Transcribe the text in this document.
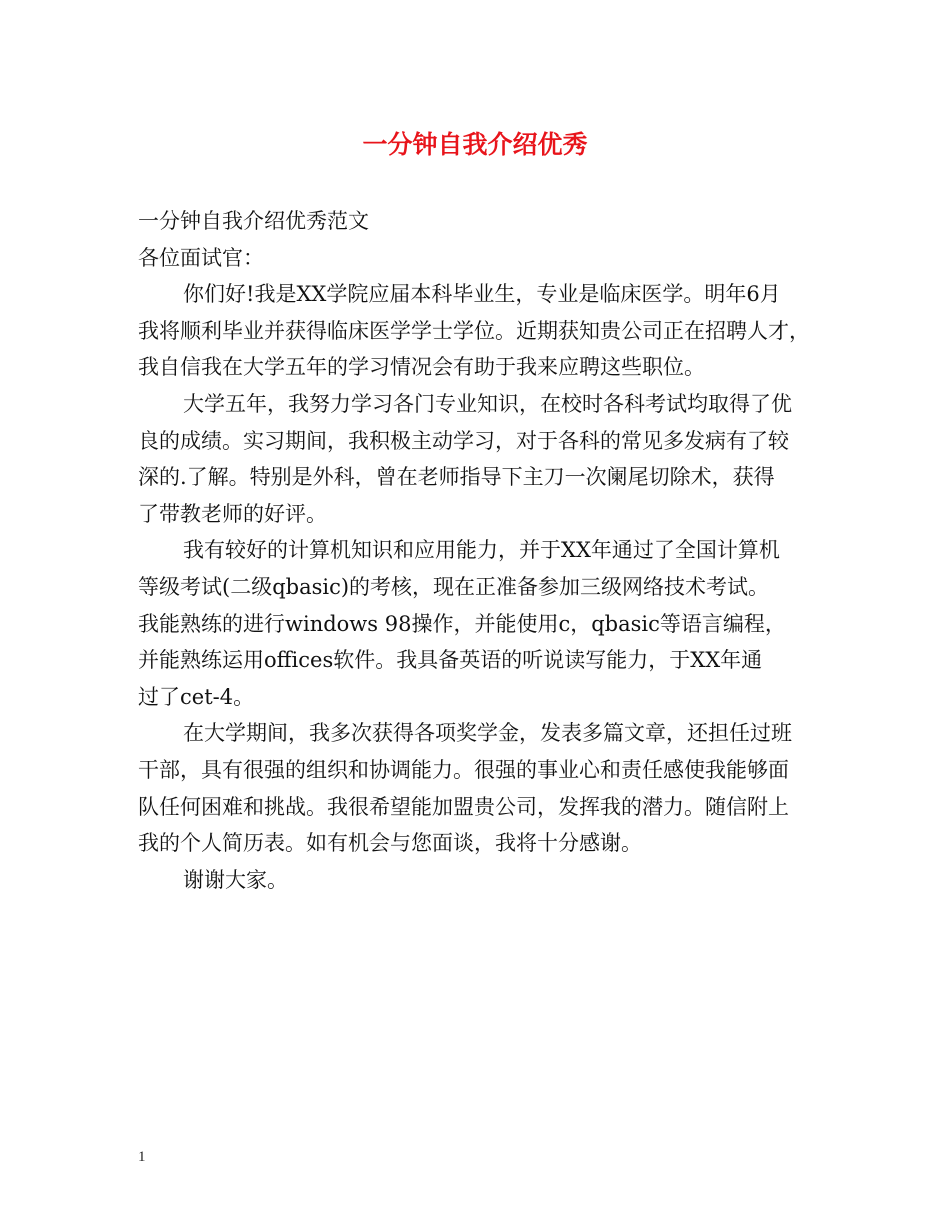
一分钟自我介绍优秀

一分钟自我介绍优秀范文

各位面试官：

你们好!我是XX学院应届本科毕业生，专业是临床医学。明年6月

我将顺利毕业并获得临床医学学士学位。近期获知贵公司正在招聘人才，

我自信我在大学五年的学习情况会有助于我来应聘这些职位。

大学五年，我努力学习各门专业知识，在校时各科考试均取得了优

良的成绩。实习期间，我积极主动学习，对于各科的常见多发病有了较

深的.了解。特别是外科，曾在老师指导下主刀一次阑尾切除术，获得

了带教老师的好评。

我有较好的计算机知识和应用能力，并于XX年通过了全国计算机

等级考试(二级qbasic)的考核，现在正准备参加三级网络技术考试。

我能熟练的进行windows 98操作，并能使用c，qbasic等语言编程，

并能熟练运用offices软件。我具备英语的听说读写能力，于XX年通

过了cet-4。

在大学期间，我多次获得各项奖学金，发表多篇文章，还担任过班

干部，具有很强的组织和协调能力。很强的事业心和责任感使我能够面

队任何困难和挑战。我很希望能加盟贵公司，发挥我的潜力。随信附上

我的个人简历表。如有机会与您面谈，我将十分感谢。

谢谢大家。

1
